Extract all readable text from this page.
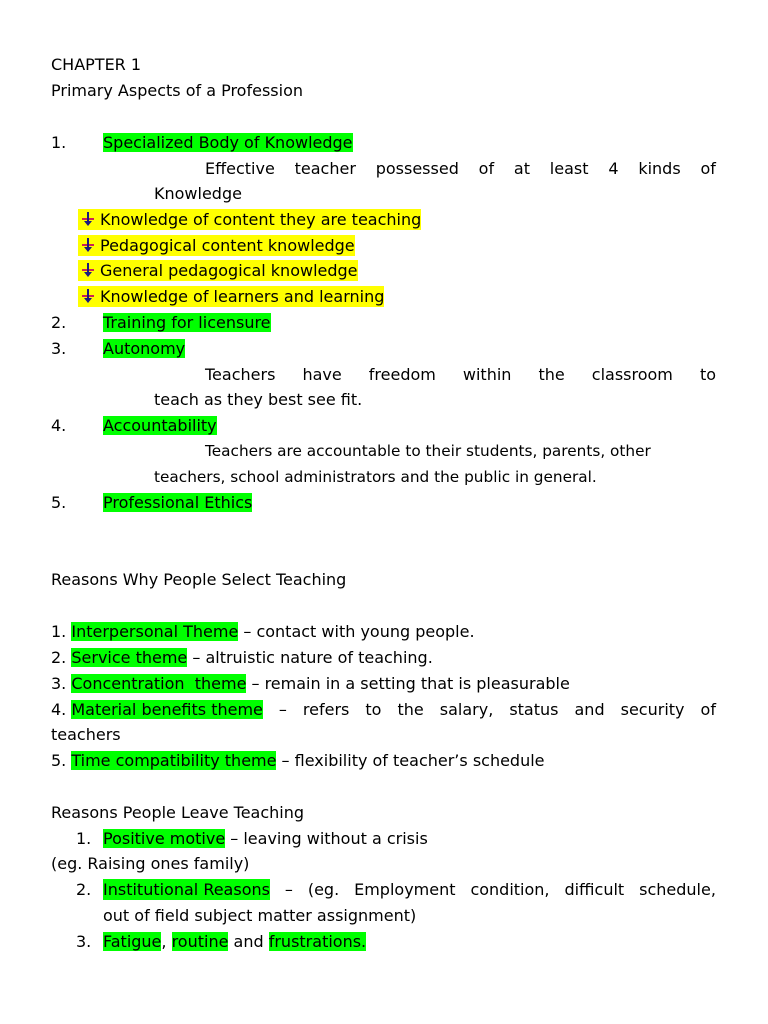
CHAPTER 1
Primary Aspects of a Profession
1. Specialized Body of Knowledge
Effective teacher possessed of at least 4 kinds of
Knowledge
Knowledge of content they are teaching
Pedagogical content knowledge
General pedagogical knowledge
Knowledge of learners and learning
2. Training for licensure
3. Autonomy
Teachers have freedom within the classroom to
teach as they best see fit.
4. Accountability
Teachers are accountable to their students, parents, other
teachers, school administrators and the public in general.
5. Professional Ethics
Reasons Why People Select Teaching
1. Interpersonal Theme – contact with young people.
2. Service theme – altruistic nature of teaching.
3. Concentration  theme – remain in a setting that is pleasurable
4. Material benefits theme – refers to the salary, status and security of
teachers
5. Time compatibility theme – flexibility of teacher’s schedule
Reasons People Leave Teaching
1. Positive motive – leaving without a crisis
(eg. Raising ones family)
2. Institutional Reasons – (eg. Employment condition, difficult schedule,
out of field subject matter assignment)
3. Fatigue, routine and frustrations.
